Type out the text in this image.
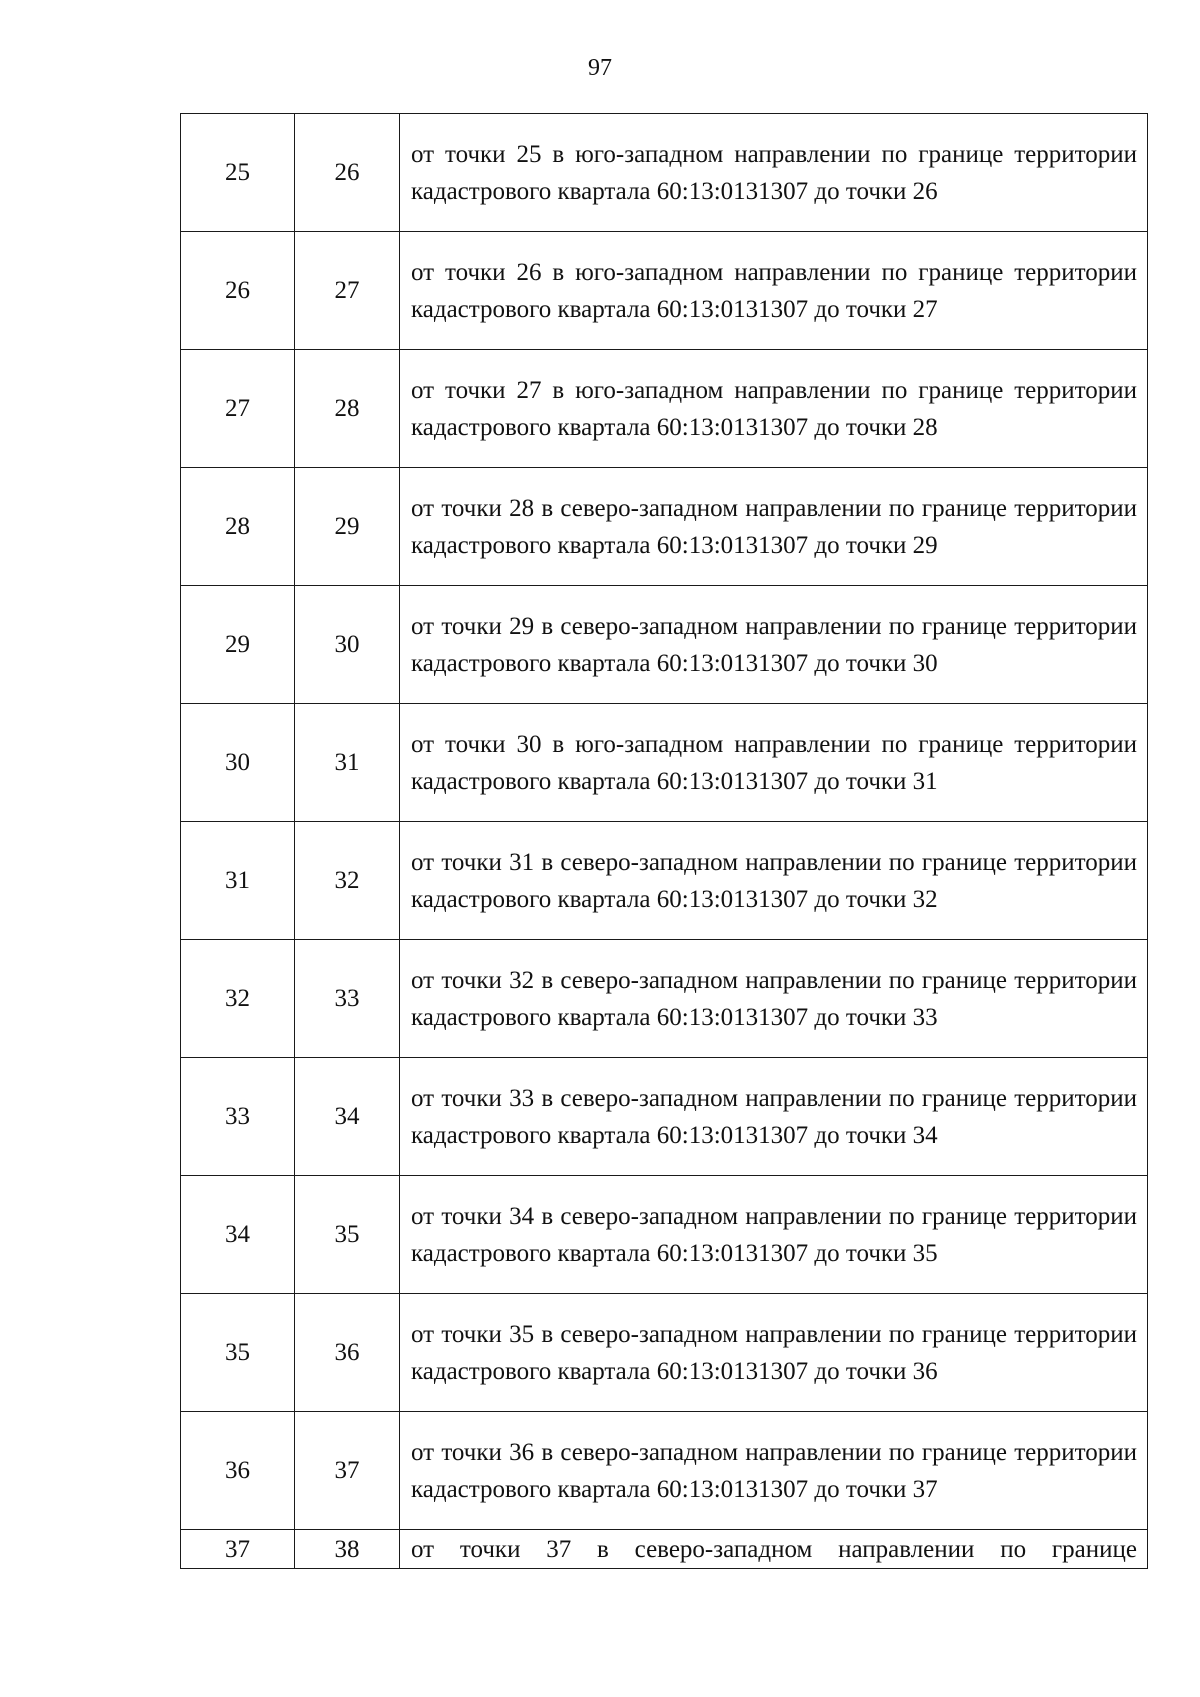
97
25	26	от точки 25 в юго-западном направлении по границе территории кадастрового квартала 60:13:0131307 до точки 26
26	27	от точки 26 в юго-западном направлении по границе территории кадастрового квартала 60:13:0131307 до точки 27
27	28	от точки 27 в юго-западном направлении по границе территории кадастрового квартала 60:13:0131307 до точки 28
28	29	от точки 28 в северо-западном направлении по границе территории кадастрового квартала 60:13:0131307 до точки 29
29	30	от точки 29 в северо-западном направлении по границе территории кадастрового квартала 60:13:0131307 до точки 30
30	31	от точки 30 в юго-западном направлении по границе территории кадастрового квартала 60:13:0131307 до точки 31
31	32	от точки 31 в северо-западном направлении по границе территории кадастрового квартала 60:13:0131307 до точки 32
32	33	от точки 32 в северо-западном направлении по границе территории кадастрового квартала 60:13:0131307 до точки 33
33	34	от точки 33 в северо-западном направлении по границе территории кадастрового квартала 60:13:0131307 до точки 34
34	35	от точки 34 в северо-западном направлении по границе территории кадастрового квартала 60:13:0131307 до точки 35
35	36	от точки 35 в северо-западном направлении по границе территории кадастрового квартала 60:13:0131307 до точки 36
36	37	от точки 36 в северо-западном направлении по границе территории кадастрового квартала 60:13:0131307 до точки 37
37	38	от точки 37 в северо-западном направлении по границе
